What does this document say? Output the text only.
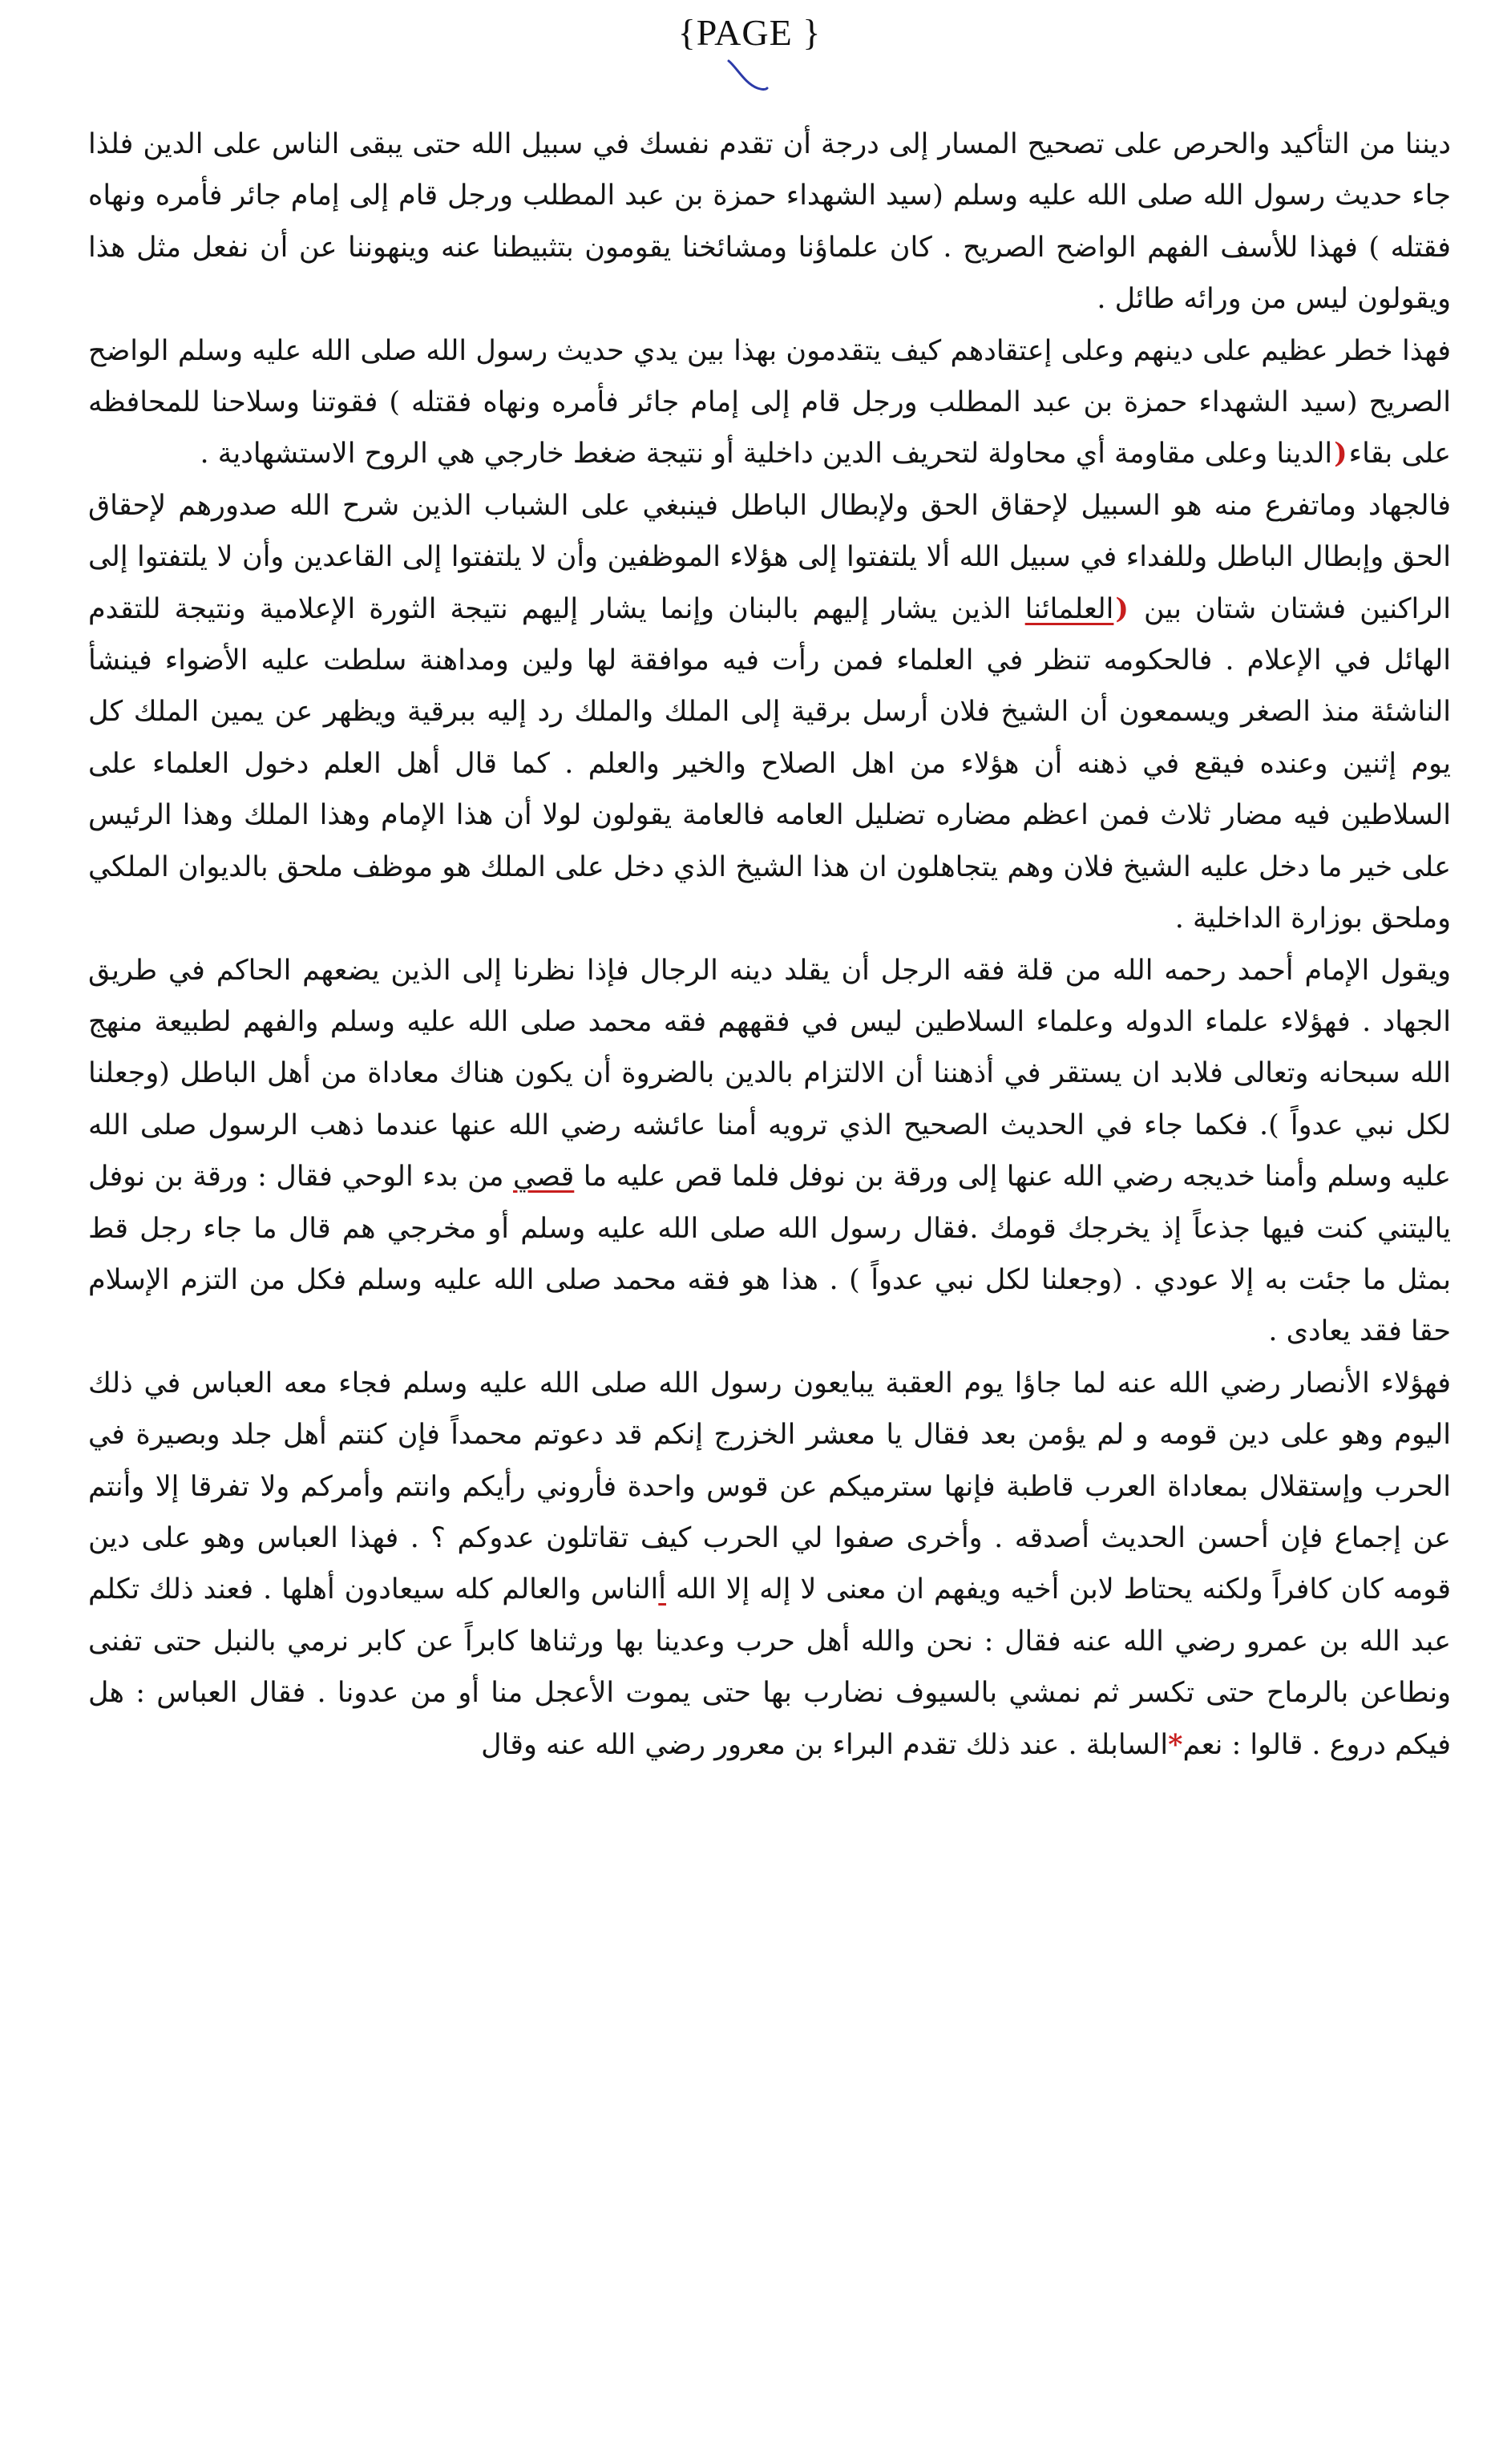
{PAGE }

ديننا من التأكيد والحرص على تصحيح المسار إلى درجة أن تقدم نفسك في سبيل الله حتى يبقى الناس على الدين فلذا جاء حديث رسول الله صلى الله عليه وسلم (سيد الشهداء حمزة بن عبد المطلب ورجل قام إلى إمام جائر فأمره ونهاه فقتله ) فهذا للأسف الفهم الواضح الصريح . كان علماؤنا ومشائخنا يقومون بتثبيطنا عنه وينهوننا عن أن نفعل مثل هذا ويقولون ليس من ورائه طائل .

فهذا خطر عظيم على دينهم وعلى إعتقادهم كيف يتقدمون بهذا بين يدي حديث رسول الله صلى الله عليه وسلم الواضح الصريح (سيد الشهداء حمزة بن عبد المطلب ورجل قام إلى إمام جائر فأمره ونهاه فقتله ) فقوتنا وسلاحنا للمحافظه على بقاء(الدينا وعلى مقاومة أي محاولة لتحريف الدين داخلية أو نتيجة ضغط خارجي هي الروح الاستشهادية .

فالجهاد وماتفرع منه هو السبيل لإحقاق الحق ولإبطال الباطل فينبغي على الشباب الذين شرح الله صدورهم لإحقاق الحق وإبطال الباطل وللفداء في سبيل الله ألا يلتفتوا إلى هؤلاء الموظفين وأن لا يلتفتوا إلى القاعدين وأن لا يلتفتوا إلى الراكنين فشتان شتان بين (العلمائنا الذين يشار إليهم بالبنان وإنما يشار إليهم نتيجة الثورة الإعلامية ونتيجة للتقدم الهائل في الإعلام . فالحكومه تنظر في العلماء فمن رأت فيه موافقة لها ولين ومداهنة سلطت عليه الأضواء فينشأ الناشئة منذ الصغر ويسمعون أن الشيخ فلان أرسل برقية إلى الملك والملك رد إليه ببرقية ويظهر عن يمين الملك كل يوم إثنين وعنده فيقع في ذهنه أن هؤلاء من اهل الصلاح والخير والعلم . كما قال أهل العلم دخول العلماء على السلاطين فيه مضار ثلاث فمن اعظم مضاره تضليل العامه فالعامة يقولون لولا أن هذا الإمام وهذا الملك وهذا الرئيس على خير ما دخل عليه الشيخ فلان وهم يتجاهلون ان هذا الشيخ الذي دخل على الملك هو موظف ملحق بالديوان الملكي وملحق بوزارة الداخلية .

ويقول الإمام أحمد رحمه الله من قلة فقه الرجل أن يقلد دينه الرجال فإذا نظرنا إلى الذين يضعهم الحاكم في طريق الجهاد . فهؤلاء علماء الدوله وعلماء السلاطين ليس في فقههم فقه محمد صلى الله عليه وسلم والفهم لطبيعة منهج الله سبحانه وتعالى فلابد ان يستقر في أذهننا أن الالتزام بالدين بالضروة أن يكون هناك معاداة من أهل الباطل (وجعلنا لكل نبي عدواً ). فكما جاء في الحديث الصحيح الذي ترويه أمنا عائشه رضي الله عنها عندما ذهب الرسول صلى الله عليه وسلم وأمنا خديجه رضي الله عنها إلى ورقة بن نوفل فلما قص عليه ما قصي من بدء الوحي فقال : ورقة بن نوفل ياليتني كنت فيها جذعاً إذ يخرجك قومك .فقال رسول الله صلى الله عليه وسلم أو مخرجي هم قال ما جاء رجل قط بمثل ما جئت به إلا عودي . (وجعلنا لكل نبي عدواً ) . هذا هو فقه محمد صلى الله عليه وسلم فكل من التزم الإسلام حقا فقد يعادى .

فهؤلاء الأنصار رضي الله عنه لما جاؤا يوم العقبة يبايعون رسول الله صلى الله عليه وسلم فجاء معه العباس في ذلك اليوم وهو على دين قومه و لم يؤمن بعد فقال يا معشر الخزرج إنكم قد دعوتم محمداً فإن كنتم أهل جلد وبصيرة في الحرب وإستقلال بمعاداة العرب قاطبة فإنها سترميكم عن قوس واحدة فأروني رأيكم وانتم وأمركم ولا تفرقا إلا وأنتم عن إجماع فإن أحسن الحديث أصدقه . وأخرى صفوا لي الحرب كيف تقاتلون عدوكم ؟ . فهذا العباس وهو على دين قومه كان كافراً ولكنه يحتاط لابن أخيه ويفهم ان معنى لا إله إلا الله أالناس والعالم كله سيعادون أهلها . فعند ذلك تكلم عبد الله بن عمرو رضي الله عنه فقال : نحن والله أهل حرب وعدينا بها ورثناها كابراً عن كابر نرمي بالنبل حتى تفنى ونطاعن بالرماح حتى تكسر ثم نمشي بالسيوف نضارب بها حتى يموت الأعجل منا أو من عدونا . فقال العباس : هل فيكم دروع . قالوا : نعم*السابلة . عند ذلك تقدم البراء بن معرور رضي الله عنه وقال
